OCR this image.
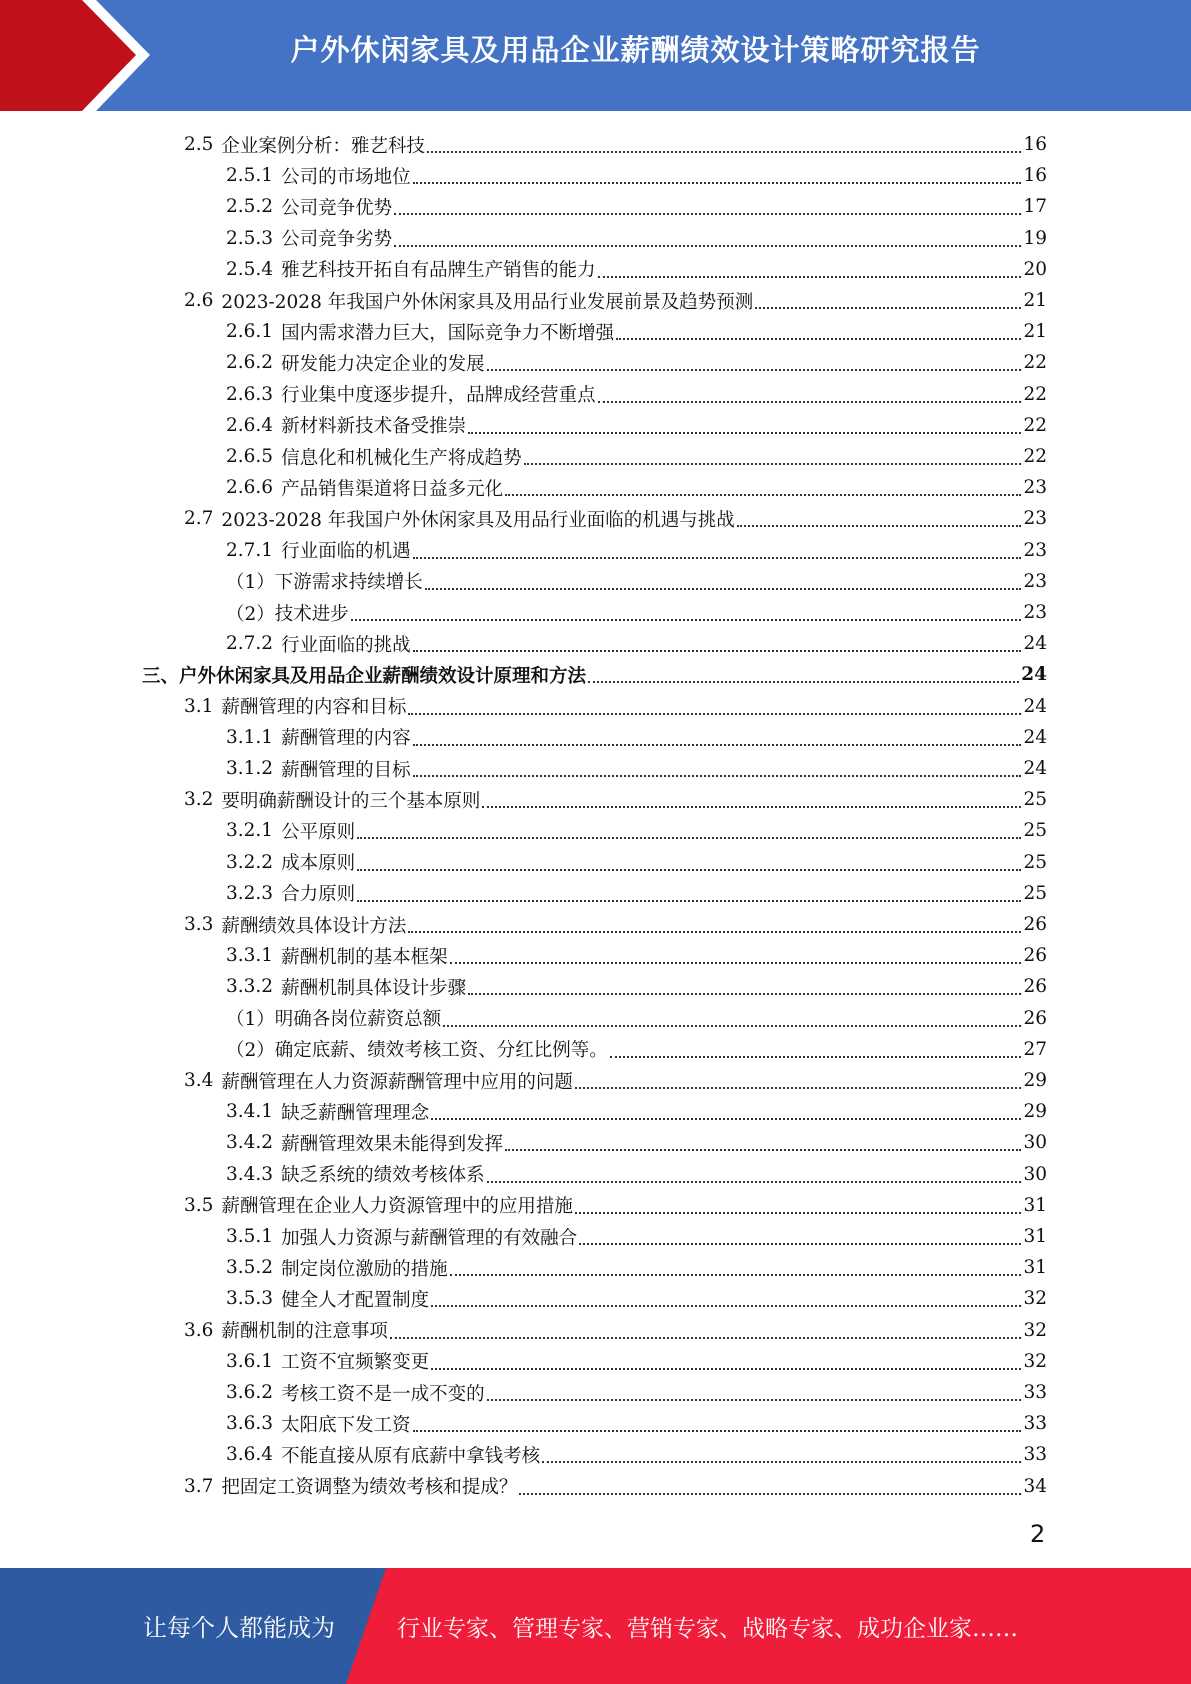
户外休闲家具及用品企业薪酬绩效设计策略研究报告
2.5 企业案例分析：雅艺科技	16
2.5.1 公司的市场地位	16
2.5.2 公司竞争优势	17
2.5.3 公司竞争劣势	19
2.5.4 雅艺科技开拓自有品牌生产销售的能力	20
2.6 2023-2028 年我国户外休闲家具及用品行业发展前景及趋势预测	21
2.6.1 国内需求潜力巨大，国际竞争力不断增强	21
2.6.2 研发能力决定企业的发展	22
2.6.3 行业集中度逐步提升，品牌成经营重点	22
2.6.4 新材料新技术备受推崇	22
2.6.5 信息化和机械化生产将成趋势	22
2.6.6 产品销售渠道将日益多元化	23
2.7 2023-2028 年我国户外休闲家具及用品行业面临的机遇与挑战	23
2.7.1 行业面临的机遇	23
（1）下游需求持续增长	23
（2）技术进步	23
2.7.2 行业面临的挑战	24
三、户外休闲家具及用品企业薪酬绩效设计原理和方法	24
3.1 薪酬管理的内容和目标	24
3.1.1 薪酬管理的内容	24
3.1.2 薪酬管理的目标	24
3.2 要明确薪酬设计的三个基本原则	25
3.2.1 公平原则	25
3.2.2 成本原则	25
3.2.3 合力原则	25
3.3 薪酬绩效具体设计方法	26
3.3.1 薪酬机制的基本框架	26
3.3.2 薪酬机制具体设计步骤	26
（1）明确各岗位薪资总额	26
（2）确定底薪、绩效考核工资、分红比例等。	27
3.4 薪酬管理在人力资源薪酬管理中应用的问题	29
3.4.1 缺乏薪酬管理理念	29
3.4.2 薪酬管理效果未能得到发挥	30
3.4.3 缺乏系统的绩效考核体系	30
3.5 薪酬管理在企业人力资源管理中的应用措施	31
3.5.1 加强人力资源与薪酬管理的有效融合	31
3.5.2 制定岗位激励的措施	31
3.5.3 健全人才配置制度	32
3.6 薪酬机制的注意事项	32
3.6.1 工资不宜频繁变更	32
3.6.2 考核工资不是一成不变的	33
3.6.3 太阳底下发工资	33
3.6.4 不能直接从原有底薪中拿钱考核	33
3.7 把固定工资调整为绩效考核和提成？	34
2
让每个人都能成为	行业专家、管理专家、营销专家、战略专家、成功企业家……
